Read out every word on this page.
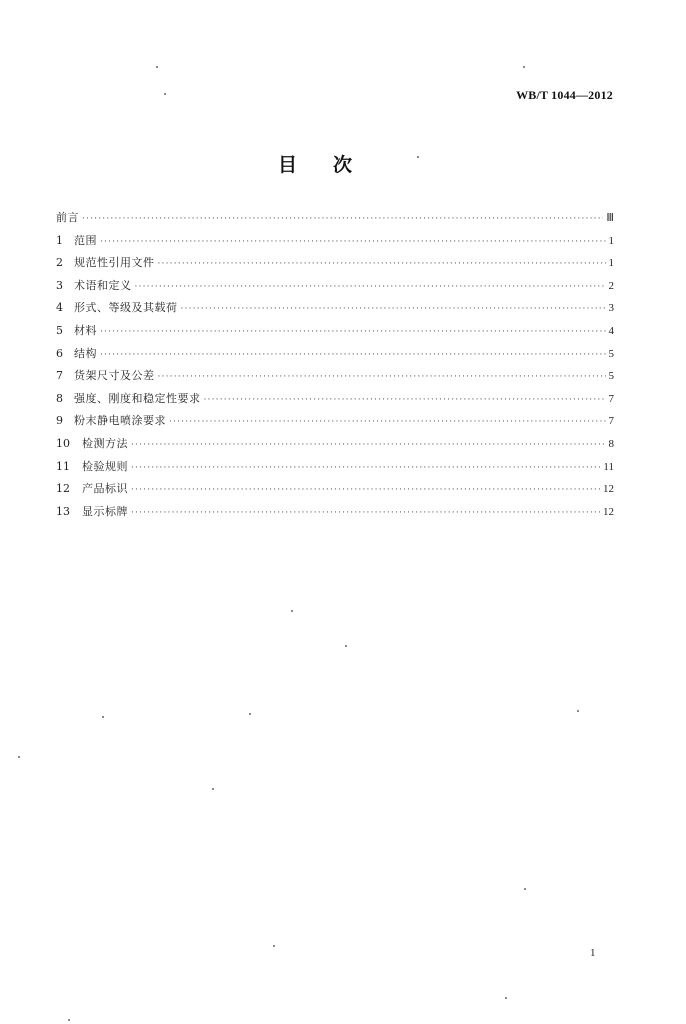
WB/T 1044—2012
目次
前言 ·····	Ⅲ
1	范围 ·····	1
2	规范性引用文件 ·····	1
3	术语和定义 ·····	2
4	形式、等级及其载荷 ·····	3
5	材料 ·····	4
6	结构 ·····	5
7	货架尺寸及公差 ·····	5
8	强度、刚度和稳定性要求 ·····	7
9	粉末静电喷涂要求 ·····	7
10	检测方法 ·····	8
11	检验规则 ·····	11
12	产品标识 ·····	12
13	显示标牌 ·····	12
1
